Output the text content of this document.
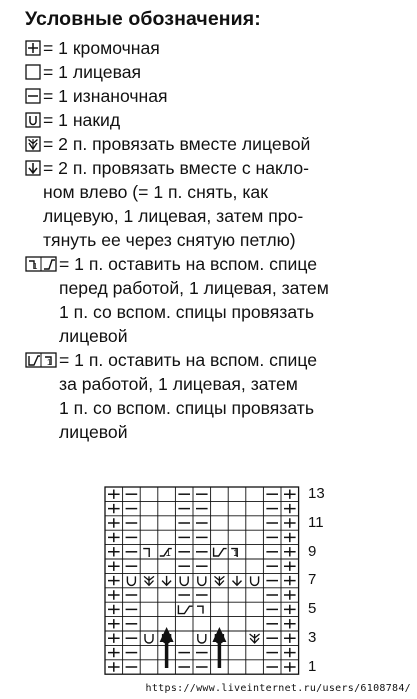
Условные обозначения:
= 1 кромочная
= 1 лицевая
= 1 изнаночная
= 1 накид
= 2 п. провязать вместе лицевой
= 2 п. провязать вместе с накло-
ном влево (= 1 п. снять, как
лицевую, 1 лицевая, затем про-
тянуть ее через снятую петлю)
1 = 1 п. оставить на вспом. спице
перед работой, 1 лицевая, затем
1 п. со вспом. спицы провязать
лицевой
1 = 1 п. оставить на вспом. спице
за работой, 1 лицевая, затем
1 п. со вспом. спицы провязать
лицевой
1	1
13
11
9
7
5
3
1
https://www.liveinternet.ru/users/6108784/
